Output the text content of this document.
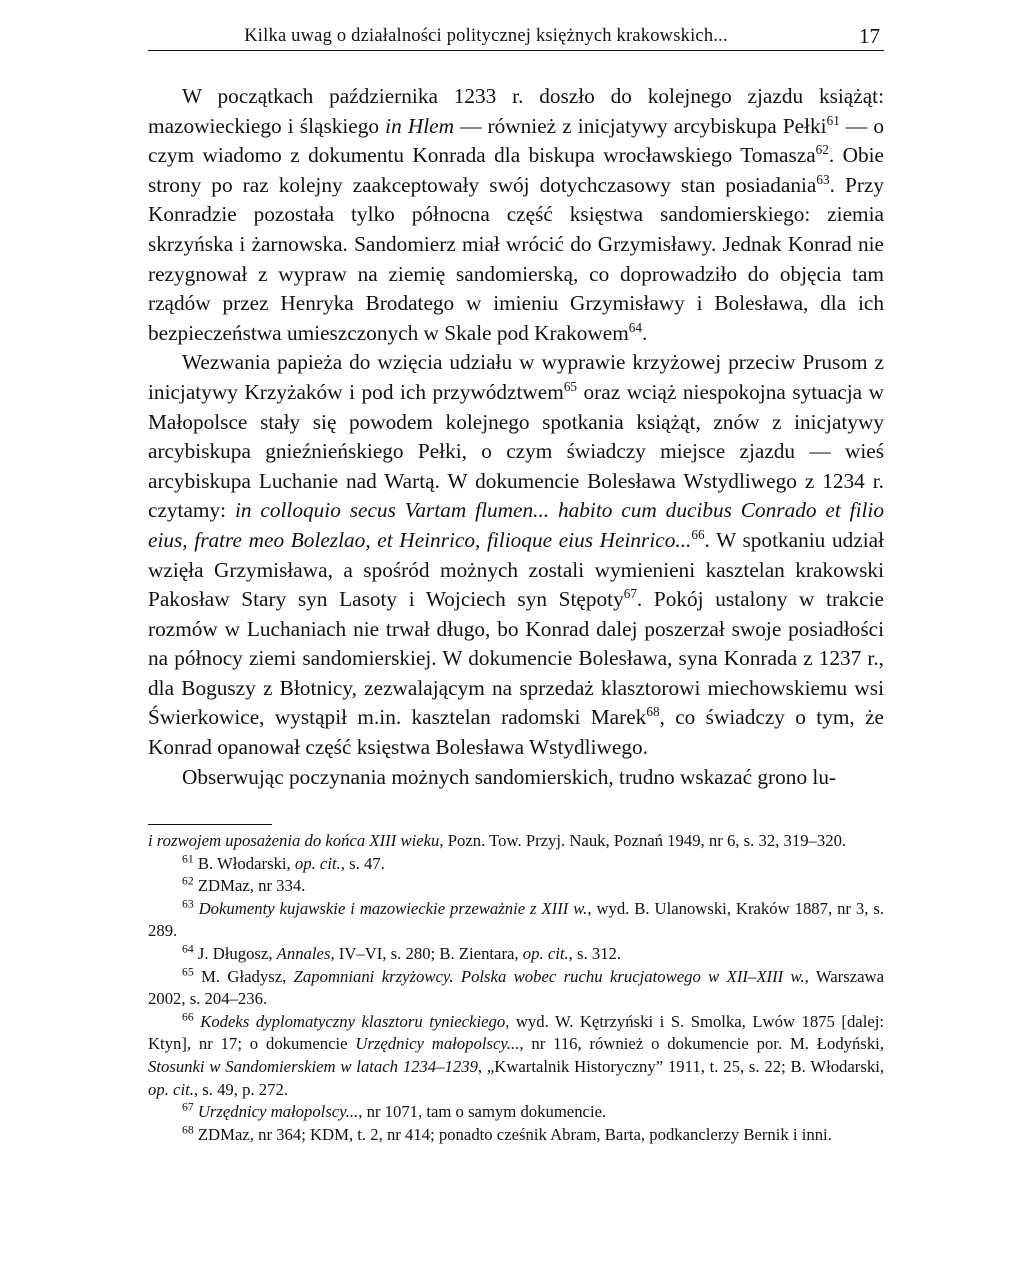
Kilka uwag o działalności politycznej księżnych krakowskich...	17

W początkach października 1233 r. doszło do kolejnego zjazdu książąt: mazowieckiego i śląskiego in Hlem — również z inicjatywy arcybiskupa Pełki$^{61}$ — o czym wiadomo z dokumentu Konrada dla biskupa wrocławskiego Tomasza$^{62}$. Obie strony po raz kolejny zaakceptowały swój dotychczasowy stan posiadania$^{63}$. Przy Konradzie pozostała tylko północna część księstwa sandomierskiego: ziemia skrzyńska i żarnowska. Sandomierz miał wrócić do Grzymisławy. Jednak Konrad nie rezygnował z wypraw na ziemię sandomierską, co doprowadziło do objęcia tam rządów przez Henryka Brodatego w imieniu Grzymisławy i Bolesława, dla ich bezpieczeństwa umieszczonych w Skale pod Krakowem$^{64}$.

Wezwania papieża do wzięcia udziału w wyprawie krzyżowej przeciw Prusom z inicjatywy Krzyżaków i pod ich przywództwem$^{65}$ oraz wciąż niespokojna sytuacja w Małopolsce stały się powodem kolejnego spotkania książąt, znów z inicjatywy arcybiskupa gnieźnieńskiego Pełki, o czym świadczy miejsce zjazdu — wieś arcybiskupa Luchanie nad Wartą. W dokumencie Bolesława Wstydliwego z 1234 r. czytamy: in colloquio secus Vartam flumen... habito cum ducibus Conrado et filio eius, fratre meo Bolezlao, et Heinrico, filioque eius Heinrico...$^{66}$. W spotkaniu udział wzięła Grzymisława, a spośród możnych zostali wymienieni kasztelan krakowski Pakosław Stary syn Lasoty i Wojciech syn Stępoty$^{67}$. Pokój ustalony w trakcie rozmów w Luchaniach nie trwał długo, bo Konrad dalej poszerzał swoje posiadłości na północy ziemi sandomierskiej. W dokumencie Bolesława, syna Konrada z 1237 r., dla Boguszy z Błotnicy, zezwalającym na sprzedaż klasztorowi miechowskiemu wsi Świerkowice, wystąpił m.in. kasztelan radomski Marek$^{68}$, co świadczy o tym, że Konrad opanował część księstwa Bolesława Wstydliwego.

Obserwując poczynania możnych sandomierskich, trudno wskazać grono lu-

i rozwojem uposażenia do końca XIII wieku, Pozn. Tow. Przyj. Nauk, Poznań 1949, nr 6, s. 32, 319–320.

$^{61}$ B. Włodarski, op. cit., s. 47.

$^{62}$ ZDMaz, nr 334.

$^{63}$ Dokumenty kujawskie i mazowieckie przeważnie z XIII w., wyd. B. Ulanowski, Kraków 1887, nr 3, s. 289.

$^{64}$ J. Długosz, Annales, IV–VI, s. 280; B. Zientara, op. cit., s. 312.

$^{65}$ M. Gładysz, Zapomniani krzyżowcy. Polska wobec ruchu krucjatowego w XII–XIII w., Warszawa 2002, s. 204–236.

$^{66}$ Kodeks dyplomatyczny klasztoru tynieckiego, wyd. W. Kętrzyński i S. Smolka, Lwów 1875 [dalej: Ktyn], nr 17; o dokumencie Urzędnicy małopolscy..., nr 116, również o dokumencie por. M. Łodyński, Stosunki w Sandomierskiem w latach 1234–1239, „Kwartalnik Historyczny” 1911, t. 25, s. 22; B. Włodarski, op. cit., s. 49, p. 272.

$^{67}$ Urzędnicy małopolscy..., nr 1071, tam o samym dokumencie.

$^{68}$ ZDMaz, nr 364; KDM, t. 2, nr 414; ponadto cześnik Abram, Barta, podkanclerzy Bernik i inni.
